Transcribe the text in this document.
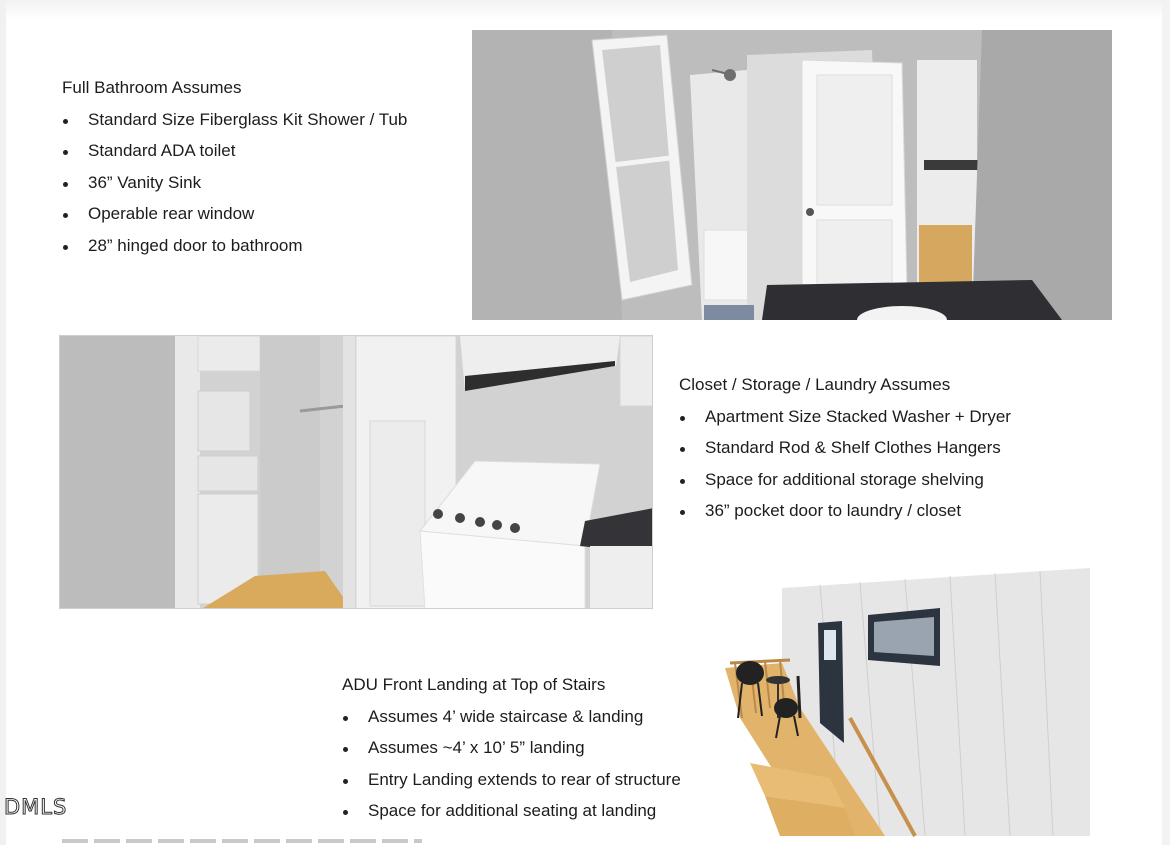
Full Bathroom Assumes
Standard Size Fiberglass Kit Shower / Tub
Standard ADA toilet
36” Vanity Sink
Operable rear window
28” hinged door to bathroom
Closet / Storage / Laundry Assumes
Apartment Size Stacked Washer + Dryer
Standard Rod & Shelf Clothes Hangers
Space for additional storage shelving
36” pocket door to laundry / closet
ADU Front Landing at Top of Stairs
Assumes 4’ wide staircase & landing
Assumes ~4’ x 10’ 5” landing
Entry Landing extends to rear of structure
Space for additional seating at landing
DMLS
